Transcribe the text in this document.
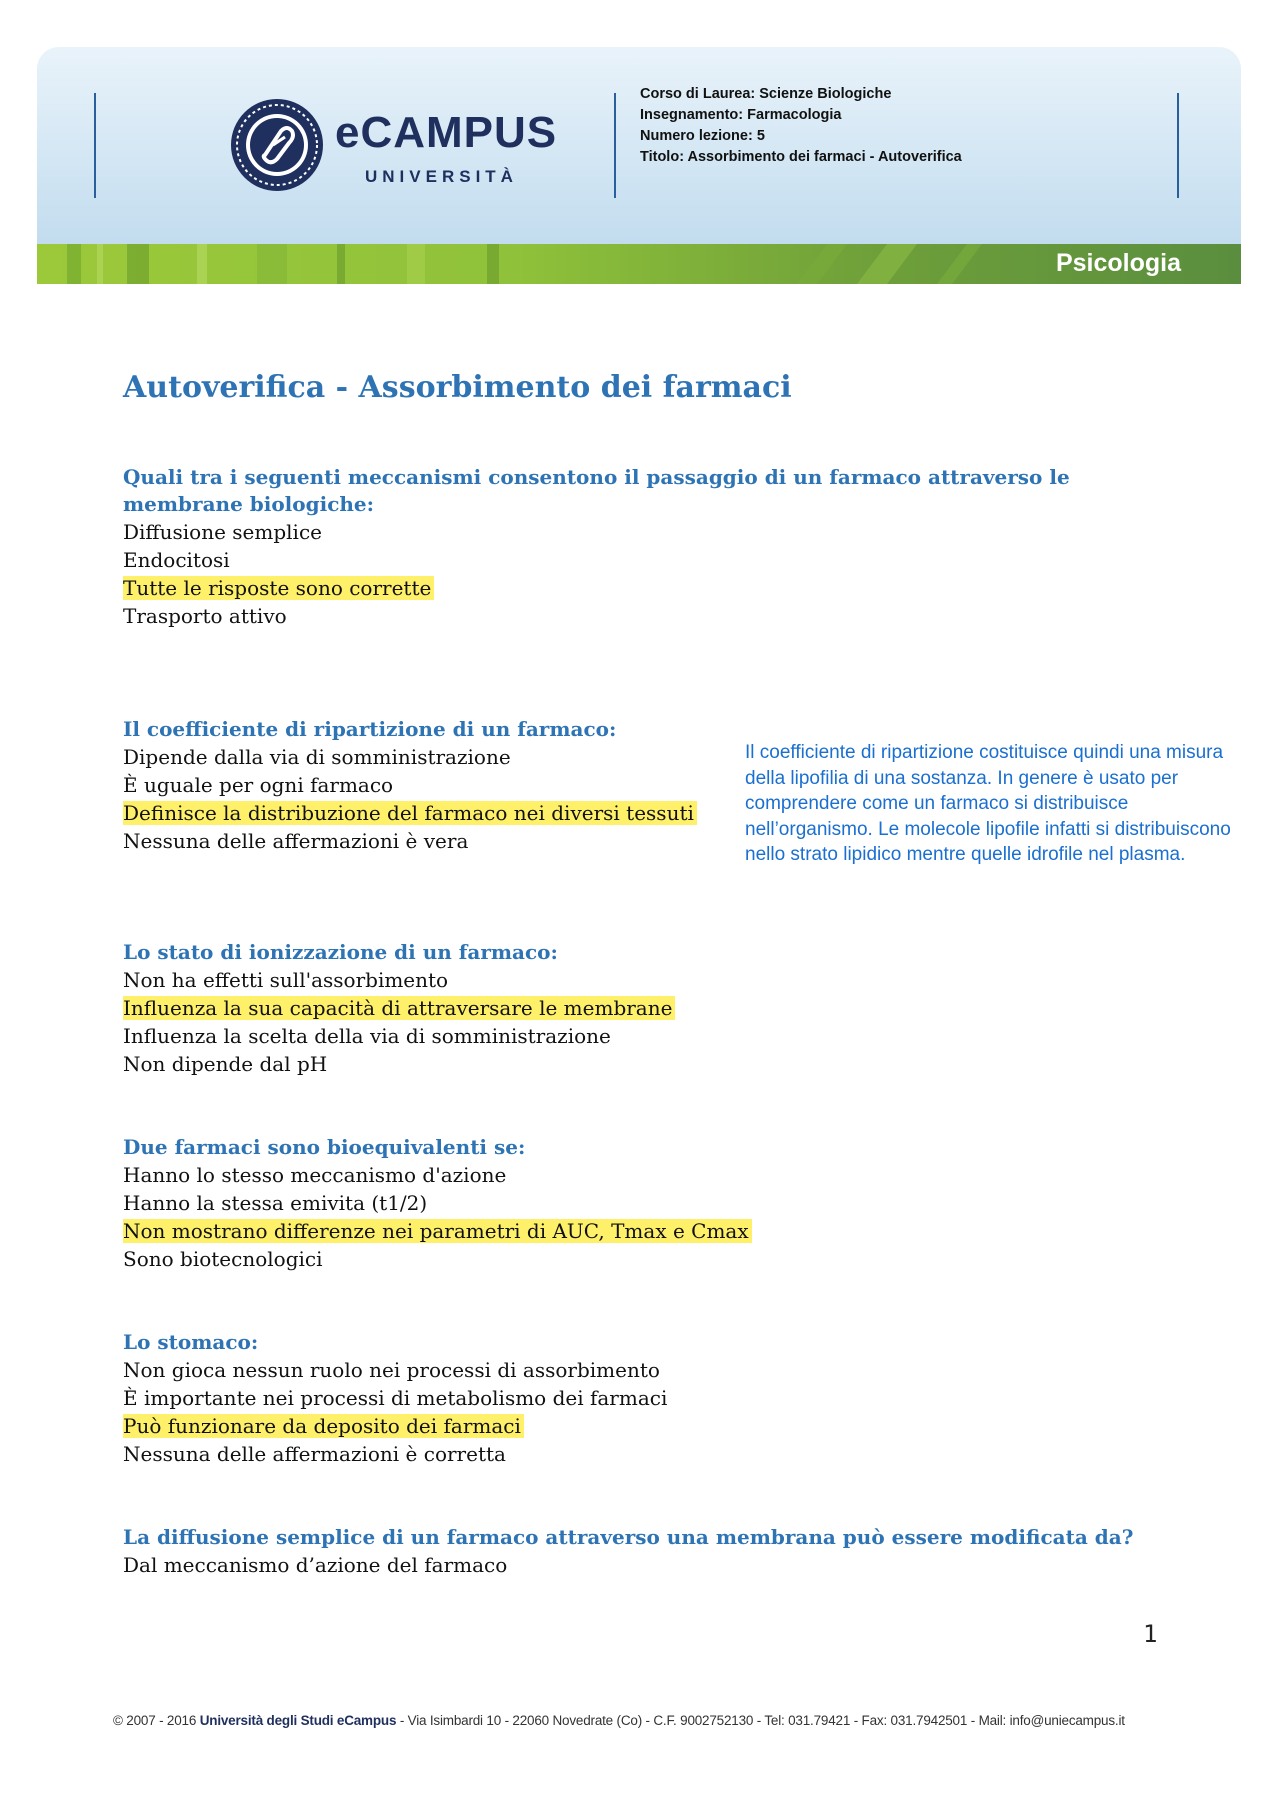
eCAMPUS
UNIVERSITÀ
Corso di Laurea: Scienze Biologiche
Insegnamento: Farmacologia
Numero lezione: 5
Titolo: Assorbimento dei farmaci - Autoverifica
Psicologia
Autoverifica - Assorbimento dei farmaci

Quali tra i seguenti meccanismi consentono il passaggio di un farmaco attraverso le membrane biologiche:

Diffusione semplice

Endocitosi

Tutte le risposte sono corrette

Trasporto attivo

Il coefficiente di ripartizione di un farmaco:

Dipende dalla via di somministrazione

È uguale per ogni farmaco

Definisce la distribuzione del farmaco nei diversi tessuti

Nessuna delle affermazioni è vera

Il coefficiente di ripartizione costituisce quindi una misura della lipofilia di una sostanza. In genere è usato per comprendere come un farmaco si distribuisce nell’organismo. Le molecole lipofile infatti si distribuiscono nello strato lipidico mentre quelle idrofile nel plasma.

Lo stato di ionizzazione di un farmaco:

Non ha effetti sull'assorbimento

Influenza la sua capacità di attraversare le membrane

Influenza la scelta della via di somministrazione

Non dipende dal pH

Due farmaci sono bioequivalenti se:

Hanno lo stesso meccanismo d'azione

Hanno la stessa emivita (t1/2)

Non mostrano differenze nei parametri di AUC, Tmax e Cmax

Sono biotecnologici

Lo stomaco:

Non gioca nessun ruolo nei processi di assorbimento

È importante nei processi di metabolismo dei farmaci

Può funzionare da deposito dei farmaci

Nessuna delle affermazioni è corretta

La diffusione semplice di un farmaco attraverso una membrana può essere modificata da?

Dal meccanismo d’azione del farmaco

1
© 2007 - 2016 Università degli Studi eCampus - Via Isimbardi 10 - 22060 Novedrate (Co) - C.F. 9002752130 - Tel: 031.79421 - Fax: 031.7942501 - Mail: info@uniecampus.it
